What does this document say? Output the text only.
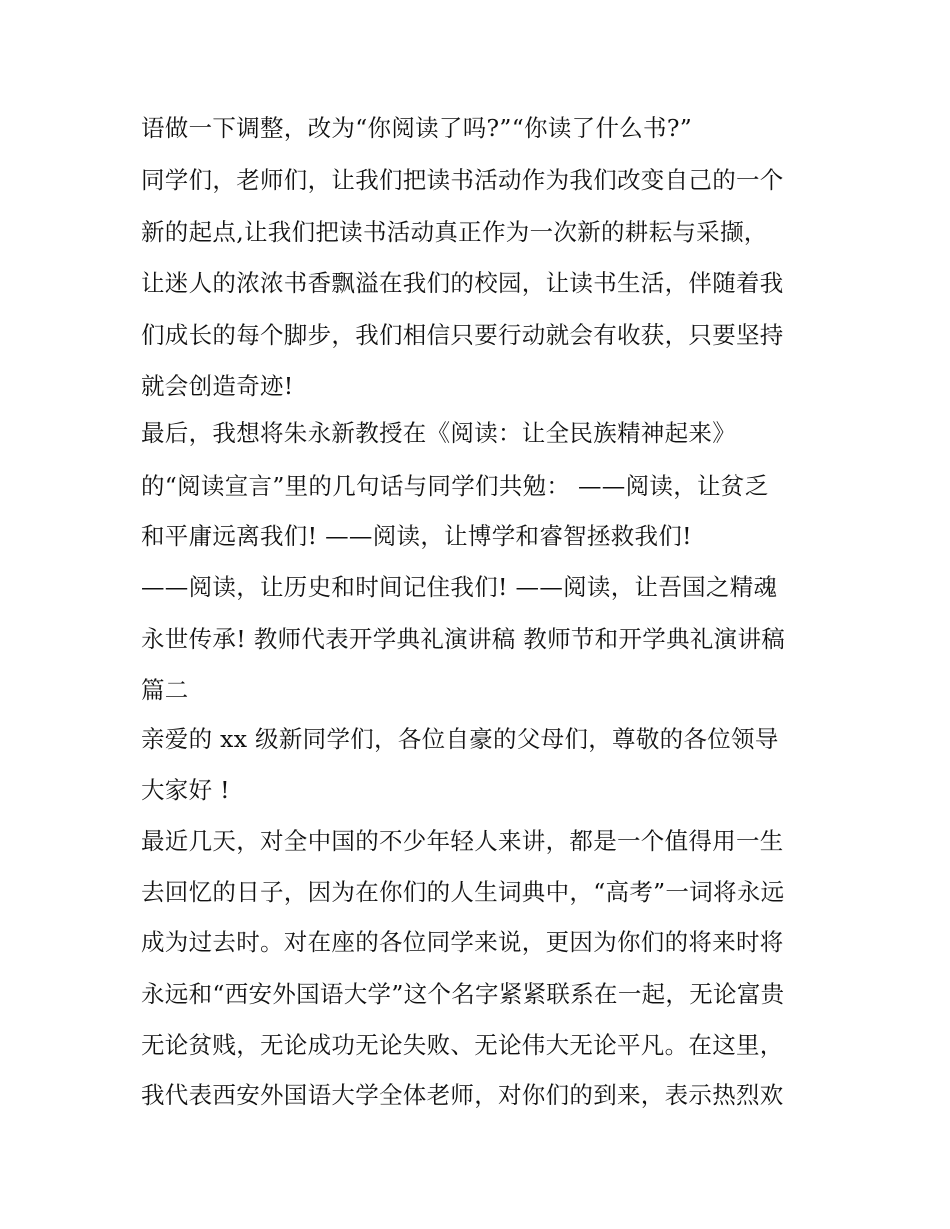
语做一下调整，改为“你阅读了吗?”“你读了什么书?”
同学们，老师们，让我们把读书活动作为我们改变自己的一个
新的起点,让我们把读书活动真正作为一次新的耕耘与采撷，
让迷人的浓浓书香飘溢在我们的校园，让读书生活，伴随着我
们成长的每个脚步，我们相信只要行动就会有收获，只要坚持
就会创造奇迹!
最后，我想将朱永新教授在《阅读：让全民族精神起来》
的“阅读宣言”里的几句话与同学们共勉： ——阅读，让贫乏
和平庸远离我们! ——阅读，让博学和睿智拯救我们!
——阅读，让历史和时间记住我们! ——阅读，让吾国之精魂
永世传承! 教师代表开学典礼演讲稿 教师节和开学典礼演讲稿
篇二
亲爱的 xx 级新同学们，各位自豪的父母们，尊敬的各位领导
大家好 !
最近几天，对全中国的不少年轻人来讲，都是一个值得用一生
去回忆的日子，因为在你们的人生词典中，“高考”一词将永远
成为过去时。对在座的各位同学来说，更因为你们的将来时将
永远和“西安外国语大学”这个名字紧紧联系在一起，无论富贵
无论贫贱，无论成功无论失败、无论伟大无论平凡。在这里，
我代表西安外国语大学全体老师，对你们的到来，表示热烈欢
